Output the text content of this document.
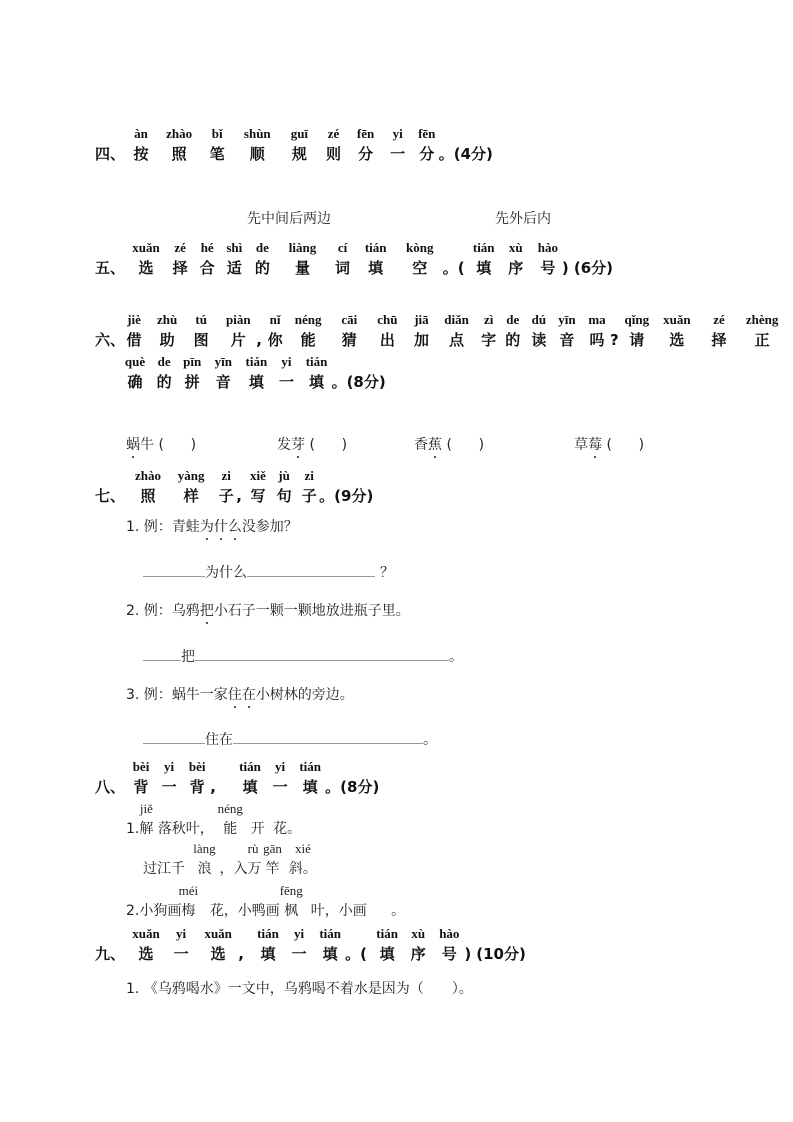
四、
àn
按
zhào
照
bǐ
笔
shùn
顺
guī
规
zé
则
fēn
分
yi
一
fēn
分 。(4分)
先中间后两边	先外后内
五、
xuǎn
选
zé
择
hé
合
shì
适
de
的
liàng
量
cí
词
tián
填
kòng
空 。(
tián
填
xù
序
hào
号 ) (6分)
六、
jiè
借
zhù
助
tú
图
piàn
片 ,
nǐ
你
néng
能
cāi
猜
chū
出
jiā
加
diǎn
点
zì
字
de
的
dú
读
yīn
音
ma
吗 ?
qǐng
请
xuǎn
选
zé
择
zhèng
正
què
确
de
的
pīn
拼
yīn
音
tián
填
yi
一
tián
填 。(8分)
蜗牛 (      )	发芽 (      )	香蕉 (      )	草莓 (      )
七、
zhào
照
yàng
样
zi
子 ,
xiě
写
jù
句
zi
子 。(9分)
1. 例：青蛙为什么没参加？
为什么	？
2. 例：乌鸦把小石子一颗一颗地放进瓶子里。
把	。
3. 例：蜗牛一家住在小树林的旁边。
住在	。
八、
bèi
背
yi
一
bèi
背 ,
tián
填
yi
一
tián
填 。(8分)
1.
jiě
解 落秋叶，
néng
能 开 花。
过江千
làng
浪
rù
，入万
gān
竿
xié
斜。
2.小狗画
méi
梅 花，小鸭画
fēng
枫 叶，小画 。
九、
xuǎn
选
yi
一
xuǎn
选 ,
tián
填
yi
一
tián
填 。(
tián
填
xù
序
hào
号 ) (10分)
1. 《乌鸦喝水》一文中，乌鸦喝不着水是因为（ ）。
